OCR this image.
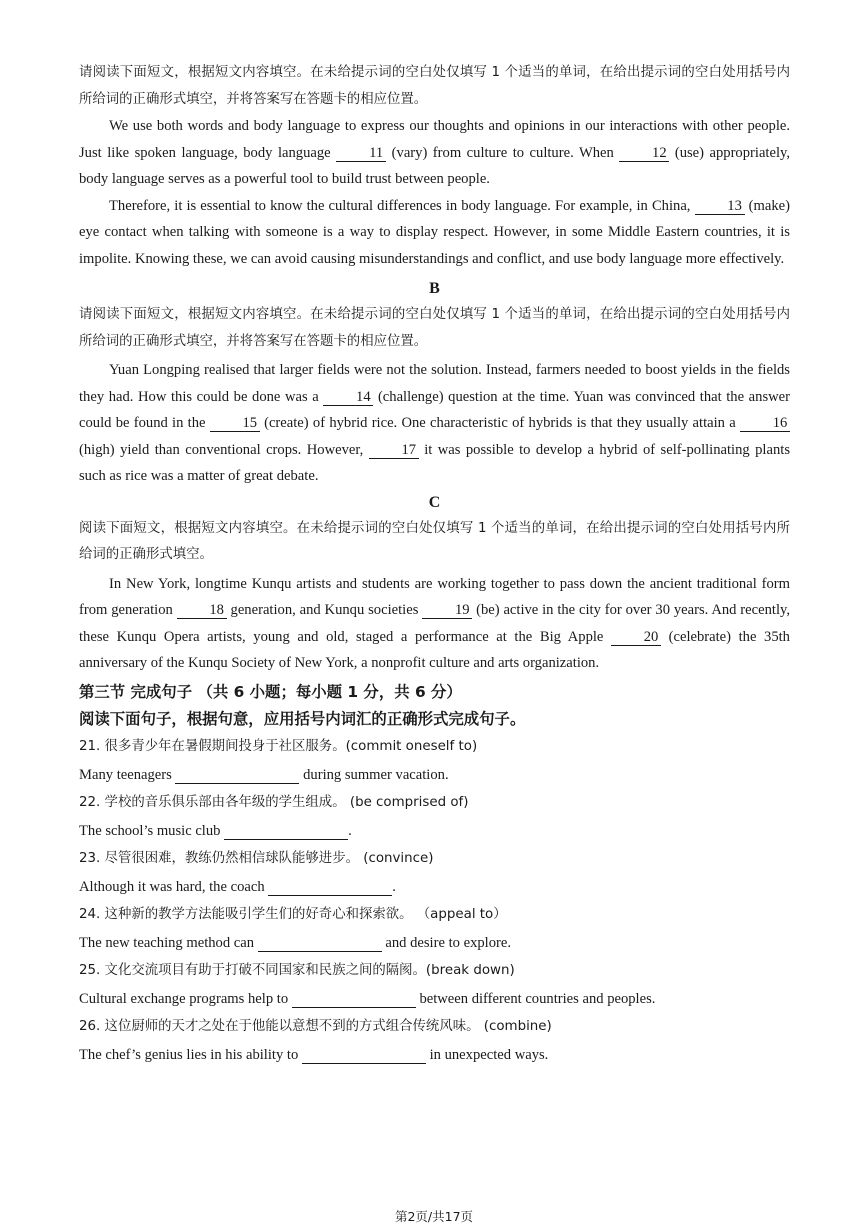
请阅读下面短文，根据短文内容填空。在未给提示词的空白处仅填写 1 个适当的单词，在给出提示词的空白处用括号内所给词的正确形式填空，并将答案写在答题卡的相应位置。

We use both words and body language to express our thoughts and opinions in our interactions with other people. Just like spoken language, body language	11 (vary) from culture to culture. When	12 (use) appropriately, body language serves as a powerful tool to build trust between people.

Therefore, it is essential to know the cultural differences in body language. For example, in China,	13 (make) eye contact when talking with someone is a way to display respect. However, in some Middle Eastern countries, it is impolite. Knowing these, we can avoid causing misunderstandings and conflict, and use body language more effectively.

B

请阅读下面短文，根据短文内容填空。在未给提示词的空白处仅填写 1 个适当的单词，在给出提示词的空白处用括号内所给词的正确形式填空，并将答案写在答题卡的相应位置。

Yuan Longping realised that larger fields were not the solution. Instead, farmers needed to boost yields in the fields they had. How this could be done was a	14 (challenge) question at the time. Yuan was convinced that the answer could be found in the	15 (create) of hybrid rice. One characteristic of hybrids is that they usually attain a	16 (high) yield than conventional crops. However,	17 it was possible to develop a hybrid of self-pollinating plants such as rice was a matter of great debate.

C

阅读下面短文，根据短文内容填空。在未给提示词的空白处仅填写 1 个适当的单词，在给出提示词的空白处用括号内所给词的正确形式填空。

In New York, longtime Kunqu artists and students are working together to pass down the ancient traditional form from generation	18 generation, and Kunqu societies	19 (be) active in the city for over 30 years. And recently, these Kunqu Opera artists, young and old, staged a performance at the Big Apple	20 (celebrate) the 35th anniversary of the Kunqu Society of New York, a nonprofit culture and arts organization.

第三节 完成句子 （共 6 小题；每小题 1 分，共 6 分）

阅读下面句子，根据句意，应用括号内词汇的正确形式完成句子。

21. 很多青少年在暑假期间投身于社区服务。(commit oneself to)

Many teenagers	during summer vacation.

22. 学校的音乐俱乐部由各年级的学生组成。 (be comprised of)

The school’s music club	.

23. 尽管很困难，教练仍然相信球队能够进步。 (convince)

Although it was hard, the coach	.

24. 这种新的教学方法能吸引学生们的好奇心和探索欲。 （appeal to）

The new teaching method can	and desire to explore.

25. 文化交流项目有助于打破不同国家和民族之间的隔阂。(break down)

Cultural exchange programs help to	between different countries and peoples.

26. 这位厨师的天才之处在于他能以意想不到的方式组合传统风味。 (combine)

The chef’s genius lies in his ability to	in unexpected ways.

第2页/共17页
